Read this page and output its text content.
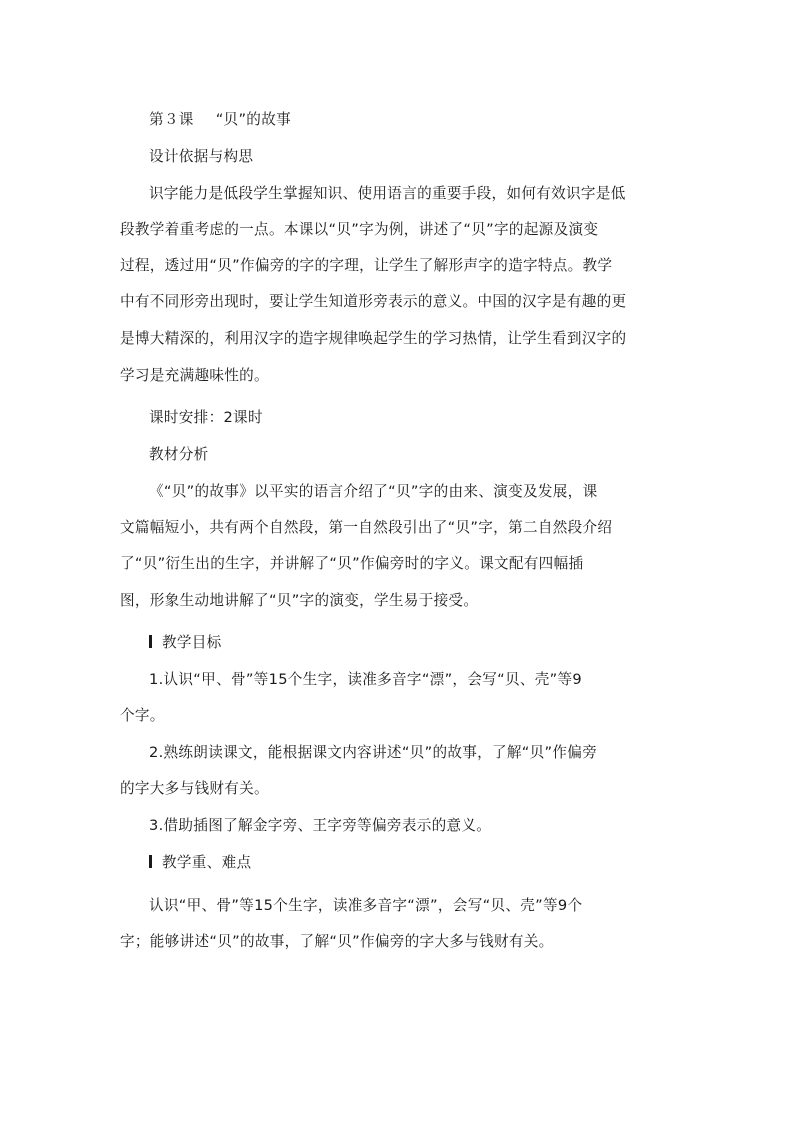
第３课 “贝”的故事
设计依据与构思
识字能力是低段学生掌握知识、使用语言的重要手段，如何有效识字是低
段教学着重考虑的一点。本课以“贝”字为例，讲述了“贝”字的起源及演变
过程，透过用“贝”作偏旁的字的字理，让学生了解形声字的造字特点。教学
中有不同形旁出现时，要让学生知道形旁表示的意义。中国的汉字是有趣的更
是博大精深的，利用汉字的造字规律唤起学生的学习热情，让学生看到汉字的
学习是充满趣味性的。
课时安排：2课时
教材分析
《“贝”的故事》以平实的语言介绍了“贝”字的由来、演变及发展，课
文篇幅短小，共有两个自然段，第一自然段引出了“贝”字，第二自然段介绍
了“贝”衍生出的生字，并讲解了“贝”作偏旁时的字义。课文配有四幅插
图，形象生动地讲解了“贝”字的演变，学生易于接受。
教学目标
1.认识“甲、骨”等15个生字，读准多音字“漂”，会写“贝、壳”等9
个字。
2.熟练朗读课文，能根据课文内容讲述“贝”的故事，了解“贝”作偏旁
的字大多与钱财有关。
3.借助插图了解金字旁、王字旁等偏旁表示的意义。
教学重、难点
认识“甲、骨”等15个生字，读准多音字“漂”，会写“贝、壳”等9个
字；能够讲述“贝”的故事，了解“贝”作偏旁的字大多与钱财有关。
